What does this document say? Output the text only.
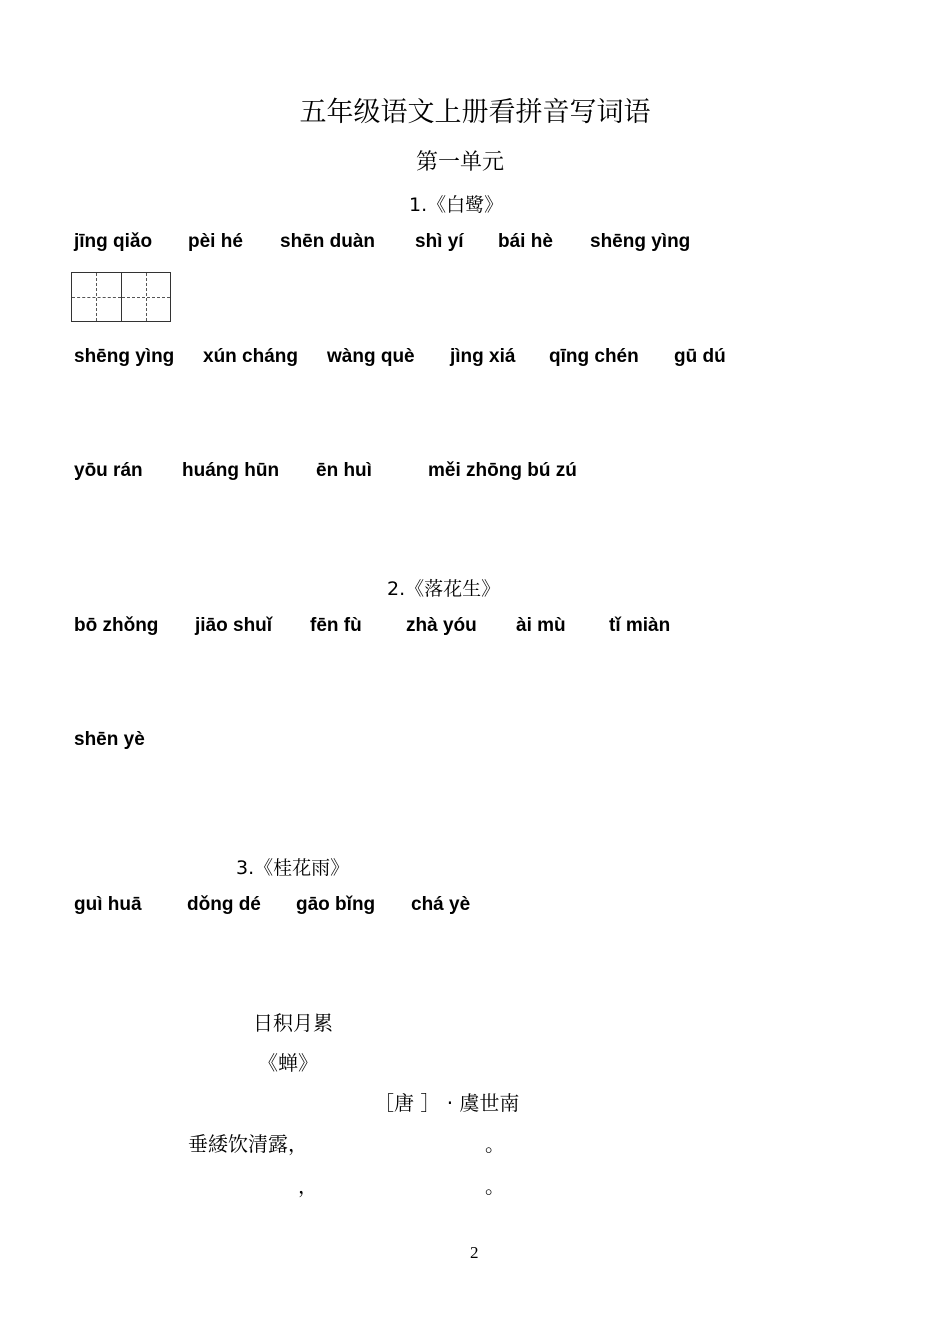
五年级语文上册看拼音写词语
第一单元
1.《白鹭》
jīng qiǎo pèi hé shēn duàn shì yí bái hè shēng yìng
shēng yìng xún cháng wàng què jìng xiá qīng chén gū dú
yōu rán huáng hūn ēn huì	měi zhōng bú zú
2.《落花生》
bō zhǒng jiāo shuǐ fēn fù zhà yóu ài mù tǐ miàn
shēn yè
3.《桂花雨》
guì huā dǒng dé gāo bǐng chá yè
日积月累
《蝉》
［唐 ］ · 虞世南
垂緌饮清露，	。
，	。
2
